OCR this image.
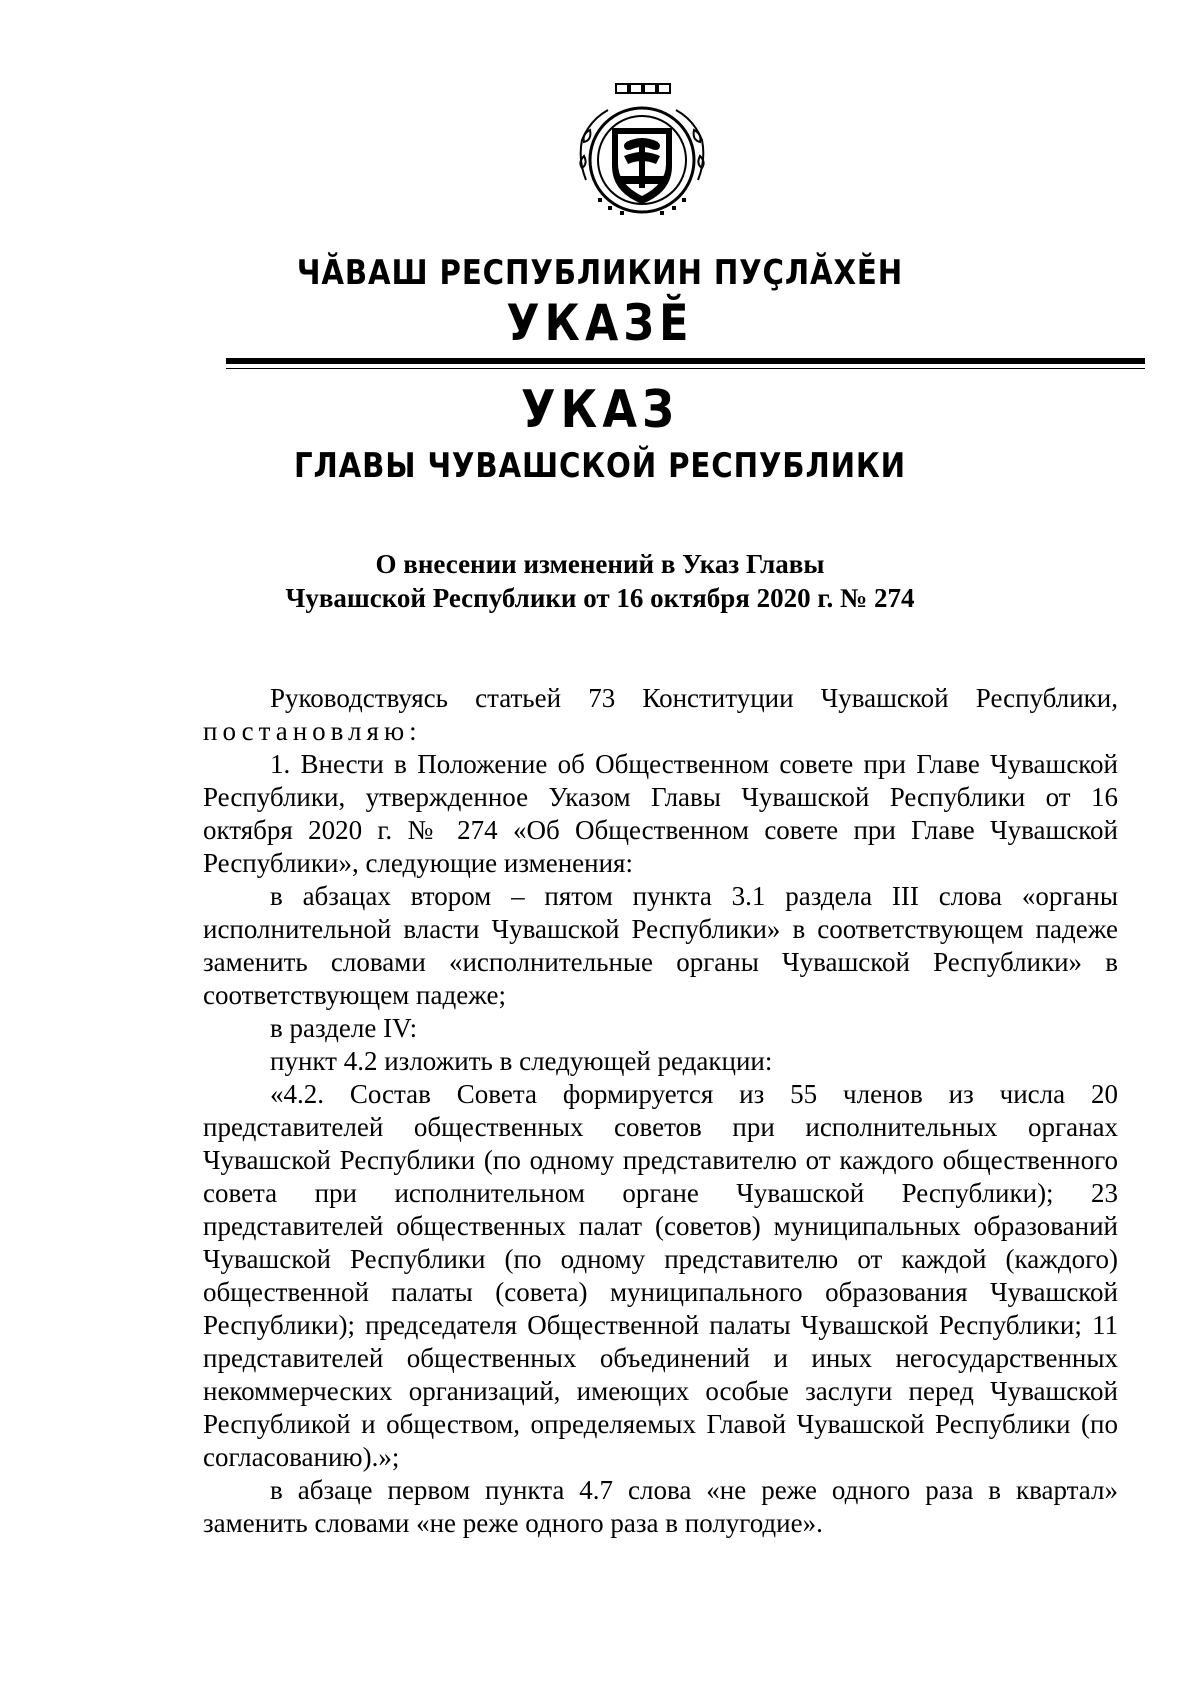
ЧӐВАШ РЕСПУБЛИКИН ПУҪЛӐХӖН
УКАЗӖ
УКАЗ
ГЛАВЫ ЧУВАШСКОЙ РЕСПУБЛИКИ
О внесении изменений в Указ Главы
Чувашской Республики от 16 октября 2020 г. № 274

Руководствуясь статьей 73 Конституции Чувашской Республики, постановляю:

1. Внести в Положение об Общественном совете при Главе Чувашской Республики, утвержденное Указом Главы Чувашской Республики от 16 октября 2020 г. № 274 «Об Общественном совете при Главе Чувашской Республики», следующие изменения:

в абзацах втором – пятом пункта 3.1 раздела III слова «органы исполнительной власти Чувашской Республики» в соответствующем падеже заменить словами «исполнительные органы Чувашской Республики» в соответствующем падеже;

в разделе IV:

пункт 4.2 изложить в следующей редакции:

«4.2. Состав Совета формируется из 55 членов из числа 20 представителей общественных советов при исполнительных органах Чувашской Республики (по одному представителю от каждого общественного совета при исполнительном органе Чувашской Республики); 23 представителей общественных палат (советов) муниципальных образований Чувашской Республики (по одному представителю от каждой (каждого) общественной палаты (совета) муниципального образования Чувашской Республики); председателя Общественной палаты Чувашской Республики; 11 представителей общественных объединений и иных негосударственных некоммерческих организаций, имеющих особые заслуги перед Чувашской Республикой и обществом, определяемых Главой Чувашской Республики (по согласованию).»;

в абзаце первом пункта 4.7 слова «не реже одного раза в квартал» заменить словами «не реже одного раза в полугодие».
